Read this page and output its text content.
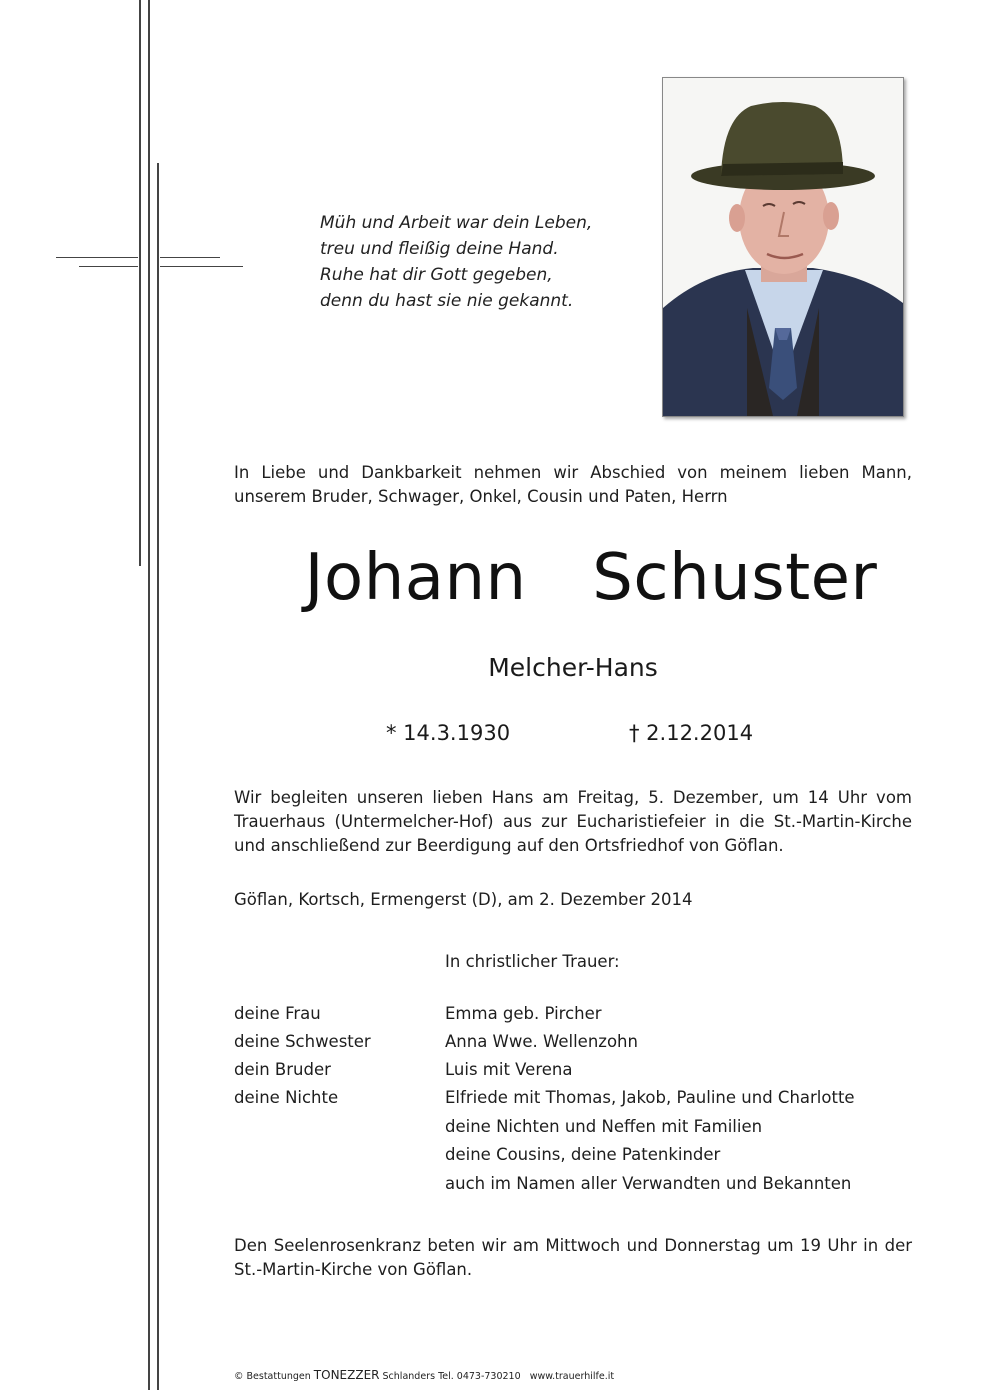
Müh und Arbeit war dein Leben,
treu und fleißig deine Hand.
Ruhe hat dir Gott gegeben,
denn du hast sie nie gekannt.
In Liebe und Dankbarkeit nehmen wir Abschied von meinem lieben Mann, unserem Bruder, Schwager, Onkel, Cousin und Paten, Herrn
Johann  Schuster
Melcher-Hans
* 14.3.1930	† 2.12.2014
Wir begleiten unseren lieben Hans am Freitag, 5. Dezember, um 14 Uhr vom Trauerhaus (Untermelcher-Hof) aus zur Eucharistiefeier in die St.-Martin-Kirche und anschließend zur Beerdigung auf den Ortsfriedhof von Göflan.
Göflan, Kortsch, Ermengerst (D), am 2. Dezember 2014
In christlicher Trauer:
deine Frau	Emma geb. Pircher
deine Schwester	Anna Wwe. Wellenzohn
dein Bruder	Luis mit Verena
deine Nichte	Elfriede mit Thomas, Jakob, Pauline und Charlotte
deine Nichten und Neffen mit Familien
deine Cousins, deine Patenkinder
auch im Namen aller Verwandten und Bekannten
Den Seelenrosenkranz beten wir am Mittwoch und Donnerstag um 19 Uhr in der St.-Martin-Kirche von Göflan.
© Bestattungen TONEZZER Schlanders Tel. 0473-730210 www.trauerhilfe.it
